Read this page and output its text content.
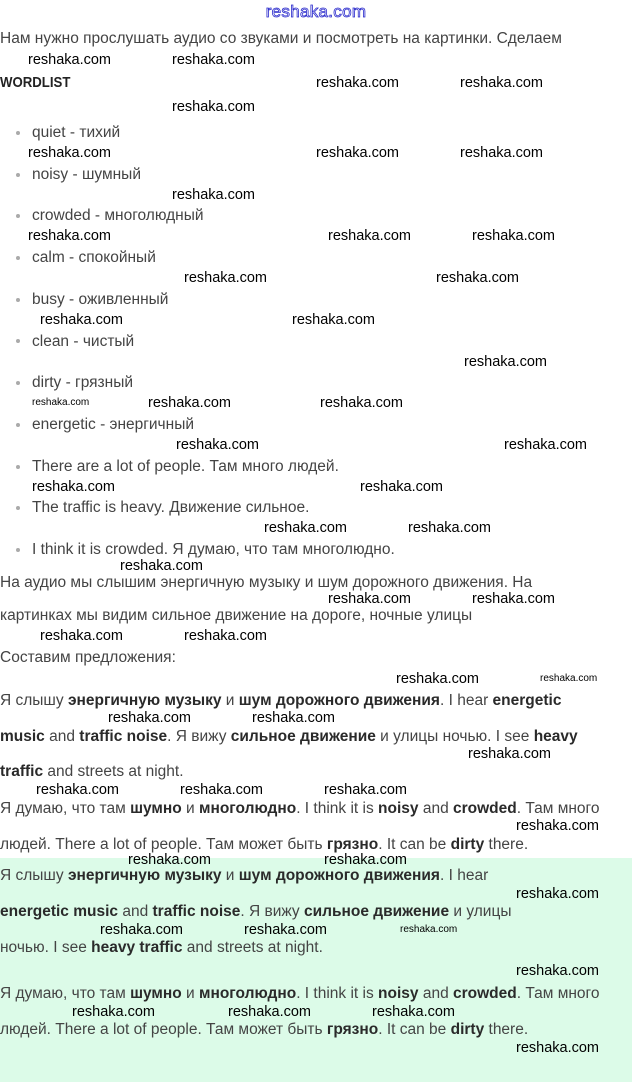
reshaka.com
Нам нужно прослушать аудио со звуками и посмотреть на картинки. Сделаем
WORDLIST
quiet - тихий
noisy - шумный
crowded - многолюдный
calm - спокойный
busy - оживленный
clean - чистый
dirty - грязный
energetic - энергичный
There are a lot of people. Там много людей.
The traffic is heavy. Движение сильное.
I think it is crowded. Я думаю, что там многолюдно.
На аудио мы слышим энергичную музыку и шум дорожного движения. На
картинках мы видим сильное движение на дороге, ночные улицы
Составим предложения:
Я слышу энергичную музыку и шум дорожного движения. I hear energetic music and traffic noise. Я вижу сильное движение и улицы ночью. I see heavy traffic and streets at night.
Я думаю, что там шумно и многолюдно. I think it is noisy and crowded. Там много людей. There a lot of people. Там может быть грязно. It can be dirty there.
Я слышу энергичную музыку и шум дорожного движения. I hear energetic music and traffic noise. Я вижу сильное движение и улицы ночью. I see heavy traffic and streets at night.
Я думаю, что там шумно и многолюдно. I think it is noisy and crowded. Там много людей. There a lot of people. Там может быть грязно. It can be dirty there.
reshaka.com
reshaka.com
reshaka.com	reshaka.com
reshaka.com
reshaka.com	reshaka.com	reshaka.com
reshaka.com
reshaka.com	reshaka.com
reshaka.com
reshaka.com	reshaka.com
reshaka.com	reshaka.com
reshaka.com
reshaka.com	reshaka.com
reshaka.com
reshaka.com
reshaka.com
reshaka.com
reshaka.com
reshaka.com
reshaka.com
reshaka.com
reshaka.com	reshaka.com
reshaka.com	reshaka.com
reshaka.com
reshaka.com
reshaka.com	reshaka.com
reshaka.com
reshaka.com	reshaka.com	reshaka.com
reshaka.com
reshaka.com	reshaka.com
reshaka.com
reshaka.com	reshaka.com	reshaka.com
reshaka.com
reshaka.com	reshaka.com	reshaka.com
reshaka.com
